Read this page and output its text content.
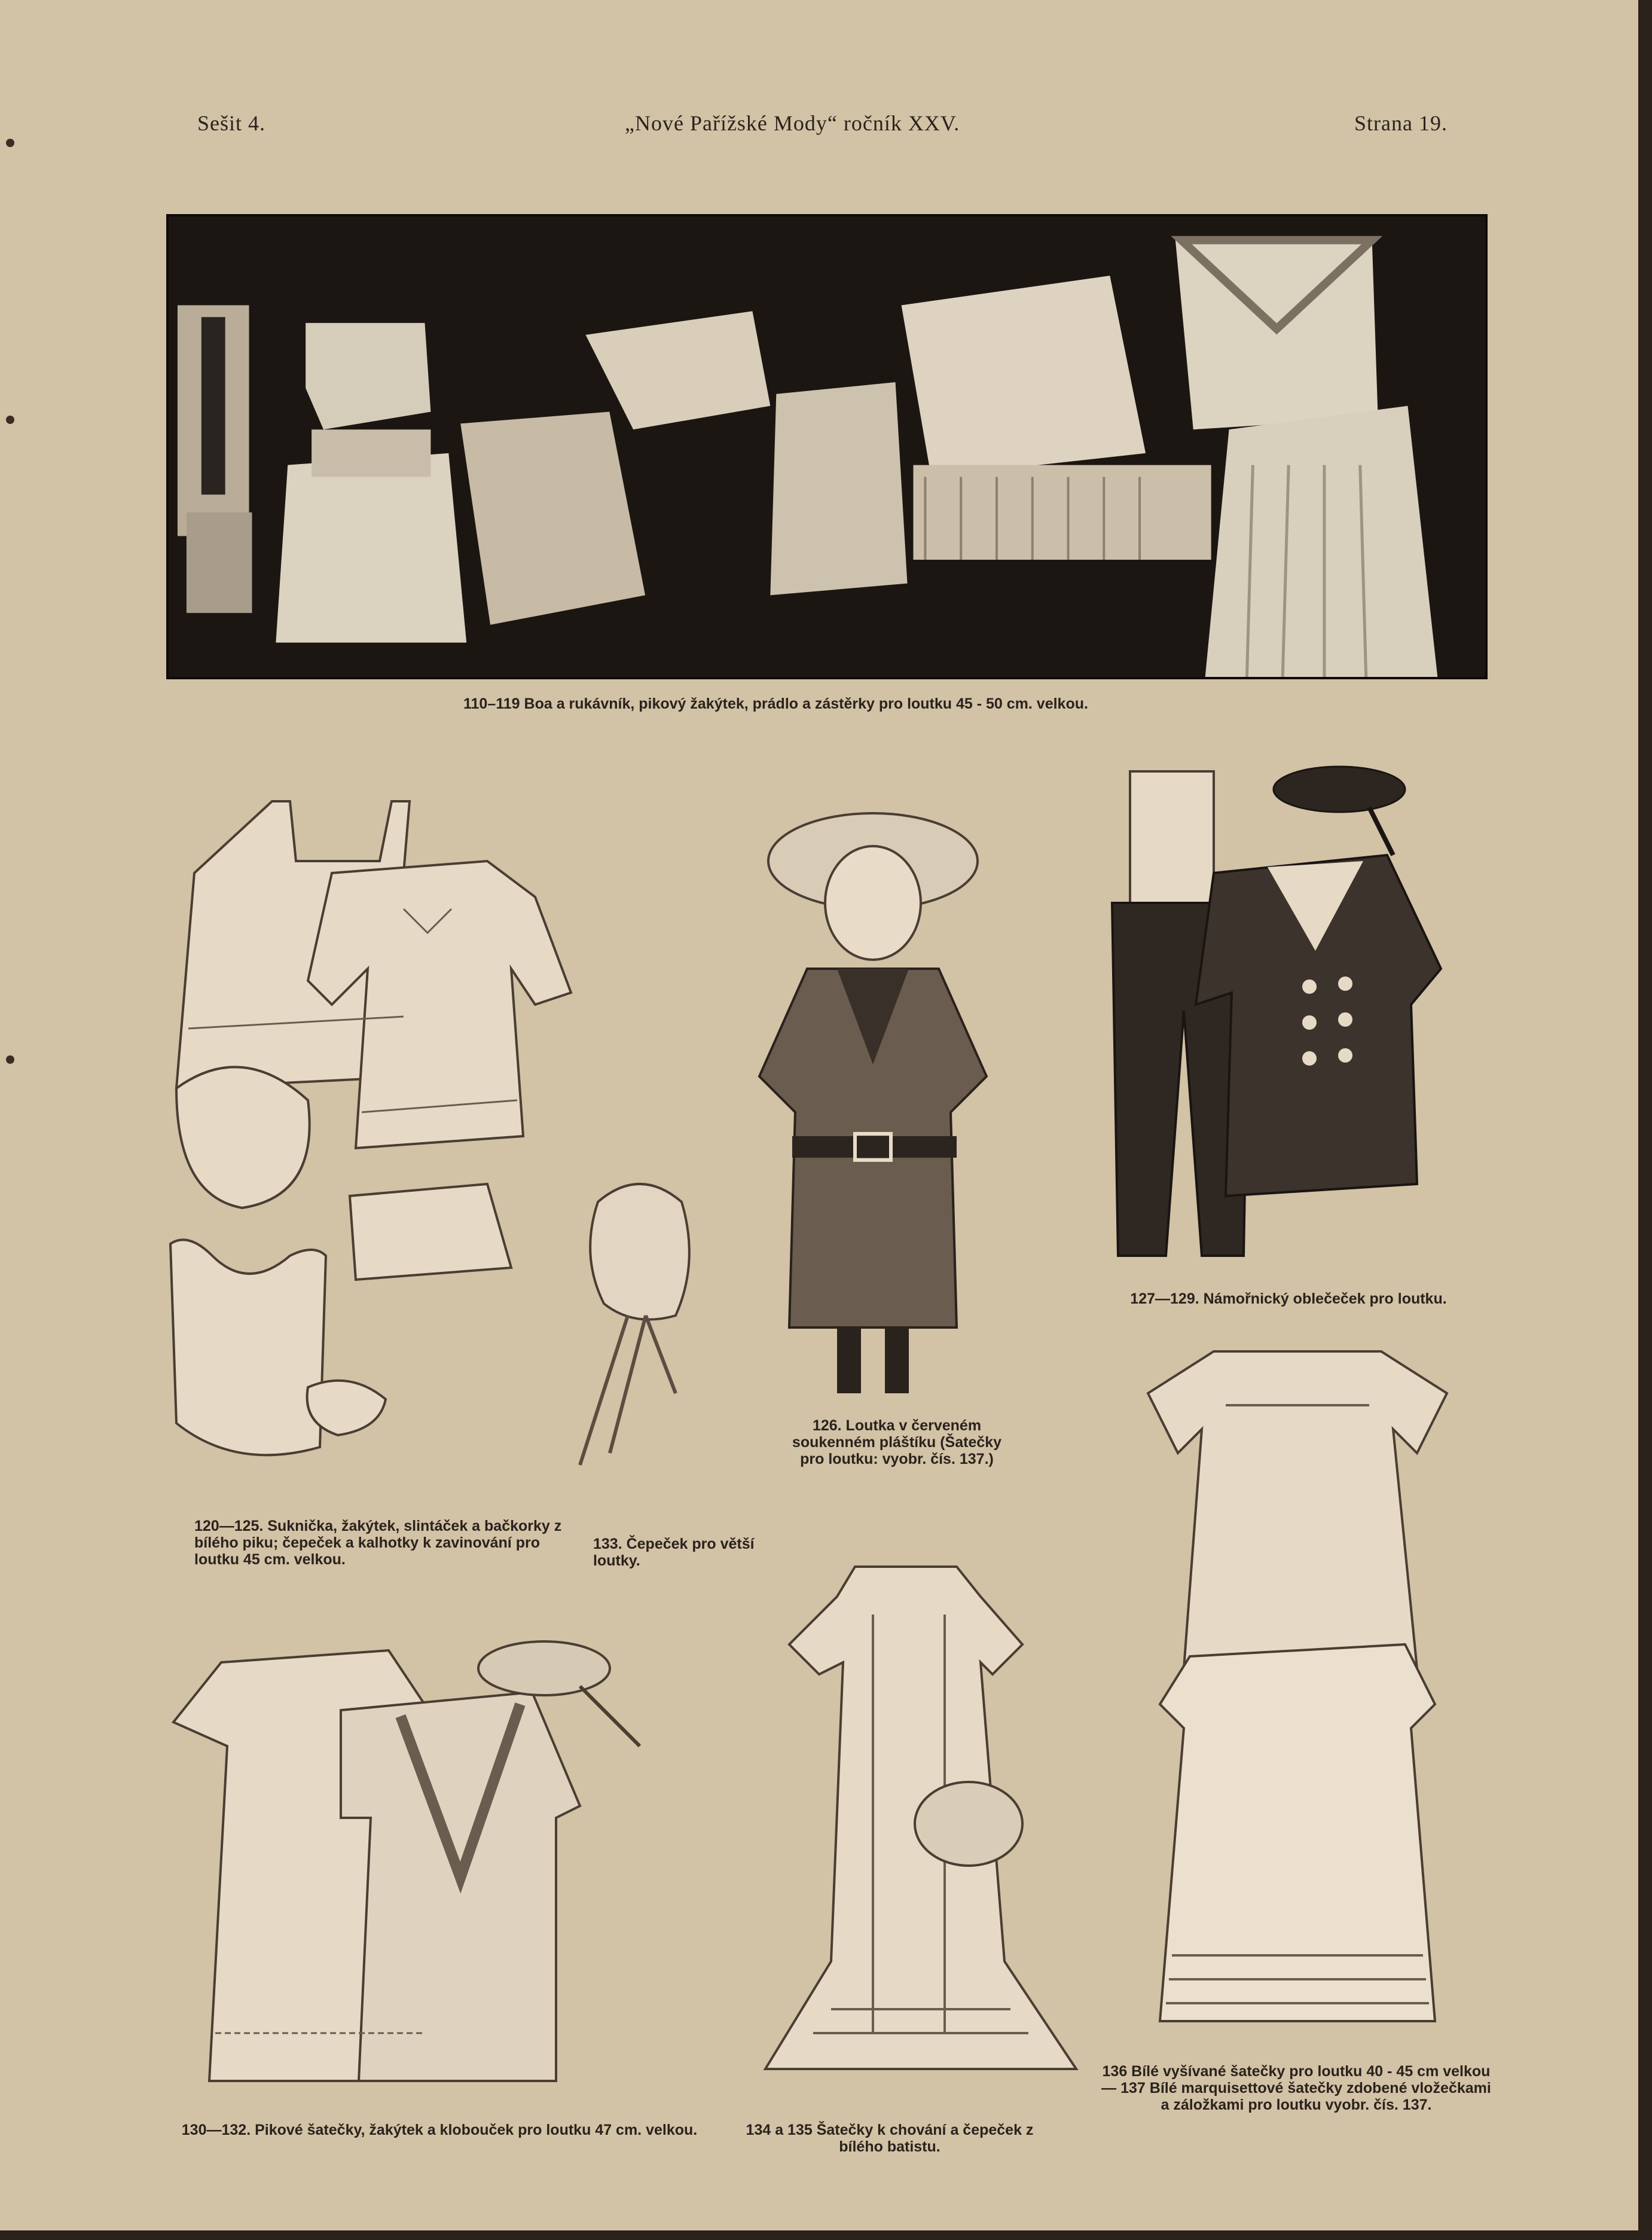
Sešit 4.	„Nové Pařížské Mody“ ročník XXV.	Strana 19.
110–119 Boa a rukávník, pikový žakýtek, prádlo a zástěrky pro loutku 45 - 50 cm. velkou.
120—125. Suknička, žakýtek, slintáček a bačkorky z bílého piku; čepeček a kalhotky k zavinování pro loutku 45 cm. velkou.
133. Čepeček pro větší loutky.
126. Loutka v červeném soukenném pláštíku (Šatečky pro loutku: vyobr. čís. 137.)
127—129. Námořnický oblečeček pro loutku.
130—132. Pikové šatečky, žakýtek a klobouček pro loutku 47 cm. velkou.	134 a 135 Šatečky k chování a čepeček z bílého batistu.
136 Bílé vyšívané šatečky pro loutku 40 - 45 cm velkou — 137 Bílé marquisettové šatečky zdobené vložečkami a záložkami pro loutku vyobr. čís. 137.
